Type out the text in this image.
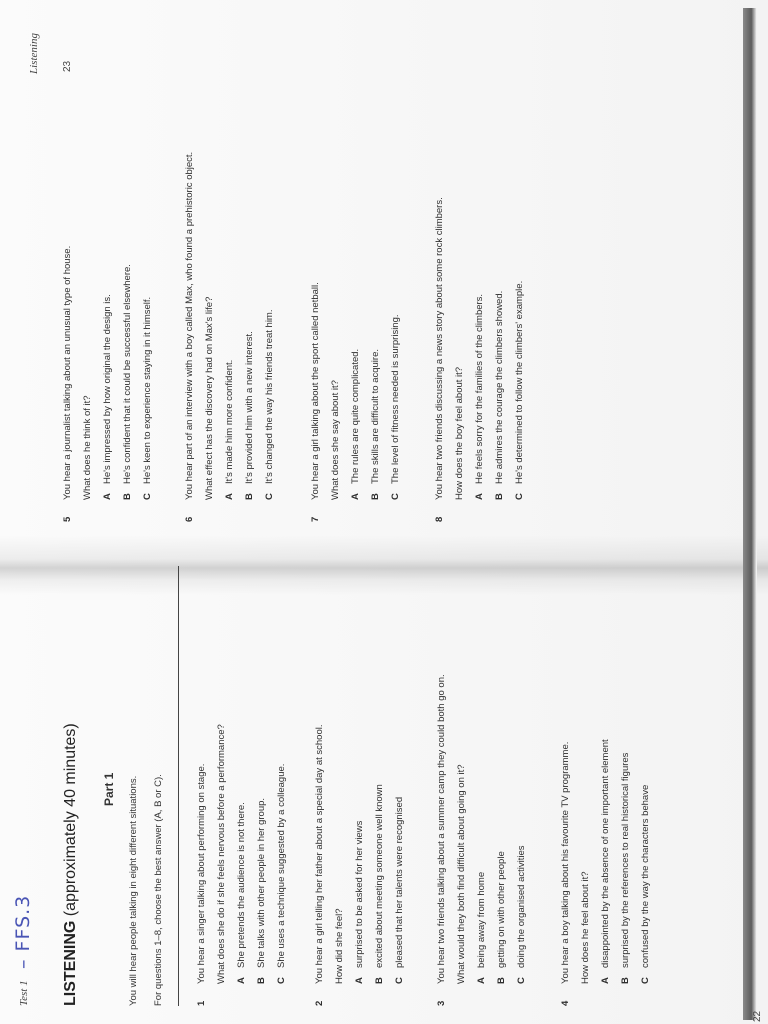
Test 1
– FFS.3 LISTENING (approximately 40 minutes) Part 1 You will hear people talking in eight different situations. For questions 1–8, choose the best answer (A, B or C).	1
You hear a singer talking about performing on stage. What does she do if she feels nervous before a performance? AShe pretends the audience is not there.
BShe talks with other people in her group.
CShe uses a technique suggested by a colleague.
2
You hear a girl telling her father about a special day at school. How did she feel? Asurprised to be asked for her views
Bexcited about meeting someone well known
Cpleased that her talents were recognised
3
You hear two friends talking about a summer camp they could both go on. What would they both find difficult about going on it? Abeing away from home
Bgetting on with other people
Cdoing the organised activities
4
You hear a boy talking about his favourite TV programme. How does he feel about it? Adisappointed by the absence of one important element
Bsurprised by the references to real historical figures
Cconfused by the way the characters behave
22
5
You hear a journalist talking about an unusual type of house. What does he think of it? AHe's impressed by how original the design is.
BHe's confident that it could be successful elsewhere.
CHe's keen to experience staying in it himself.
6
You hear part of an interview with a boy called Max, who found a prehistoric object. What effect has the discovery had on Max's life? AIt's made him more confident.
BIt's provided him with a new interest.
CIt's changed the way his friends treat him.
7
You hear a girl talking about the sport called netball. What does she say about it? AThe rules are quite complicated.
BThe skills are difficult to acquire.
CThe level of fitness needed is surprising.
8
You hear two friends discussing a news story about some rock climbers. How does the boy feel about it? AHe feels sorry for the families of the climbers.
BHe admires the courage the climbers showed.
CHe's determined to follow the climbers' example.
Listening 23
